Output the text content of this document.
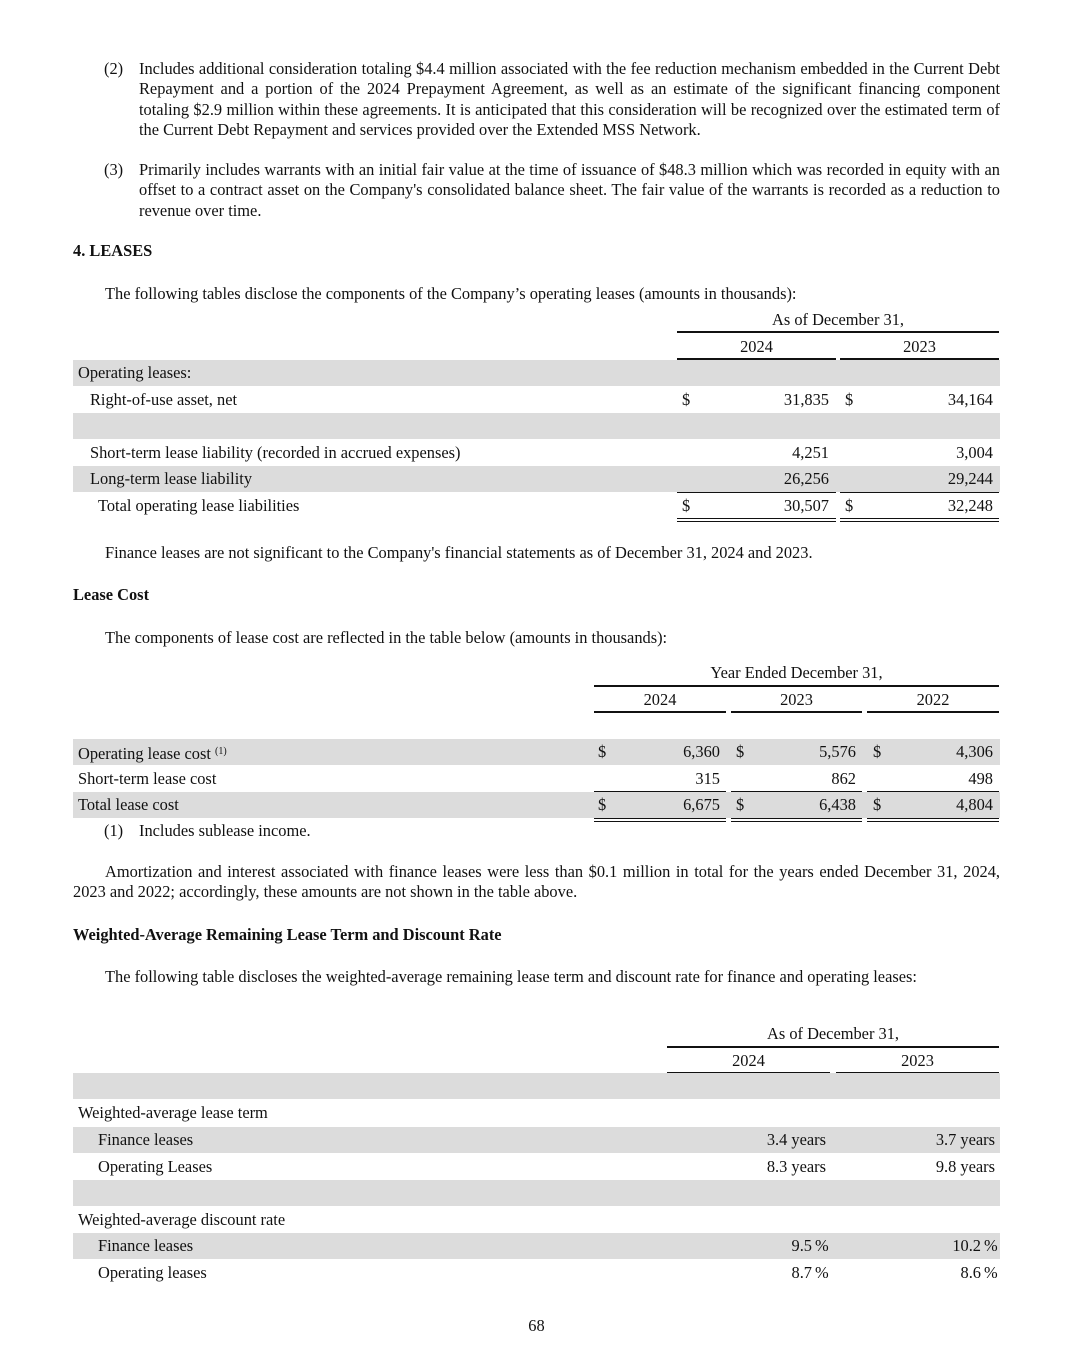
(2) Includes additional consideration totaling $4.4 million associated with the fee reduction mechanism embedded in the Current Debt Repayment and a portion of the 2024 Prepayment Agreement, as well as an estimate of the significant financing component totaling $2.9 million within these agreements. It is anticipated that this consideration will be recognized over the estimated term of the Current Debt Repayment and services provided over the Extended MSS Network.
(3) Primarily includes warrants with an initial fair value at the time of issuance of $48.3 million which was recorded in equity with an offset to a contract asset on the Company's consolidated balance sheet. The fair value of the warrants is recorded as a reduction to revenue over time.
4. LEASES
The following tables disclose the components of the Company’s operating leases (amounts in thousands):
As of December 31,
2024	2023
Operating leases:
Right-of-use asset, net	$	31,835 $	34,164
Short-term lease liability (recorded in accrued expenses)	4,251	3,004
Long-term lease liability	26,256	29,244
Total operating lease liabilities	$	30,507 $	32,248
Finance leases are not significant to the Company's financial statements as of December 31, 2024 and 2023.
Lease Cost
The components of lease cost are reflected in the table below (amounts in thousands):
Year Ended December 31,
2024	2023	2022
Operating lease cost $^{(1)}$	$	6,360 $	5,576 $	4,306
Short-term lease cost	315	862	498
Total lease cost	$	6,675 $	6,438 $	4,804
(1) Includes sublease income.
Amortization and interest associated with finance leases were less than $0.1 million in total for the years ended December 31, 2024, 2023 and 2022; accordingly, these amounts are not shown in the table above.
Weighted-Average Remaining Lease Term and Discount Rate
The following table discloses the weighted-average remaining lease term and discount rate for finance and operating leases:
As of December 31,
2024	2023
Weighted-average lease term
Finance leases	3.4 years	3.7 years
Operating Leases	8.3 years	9.8 years
Weighted-average discount rate
Finance leases	9.5 %	10.2 %
Operating leases	8.7 %	8.6 %
68
